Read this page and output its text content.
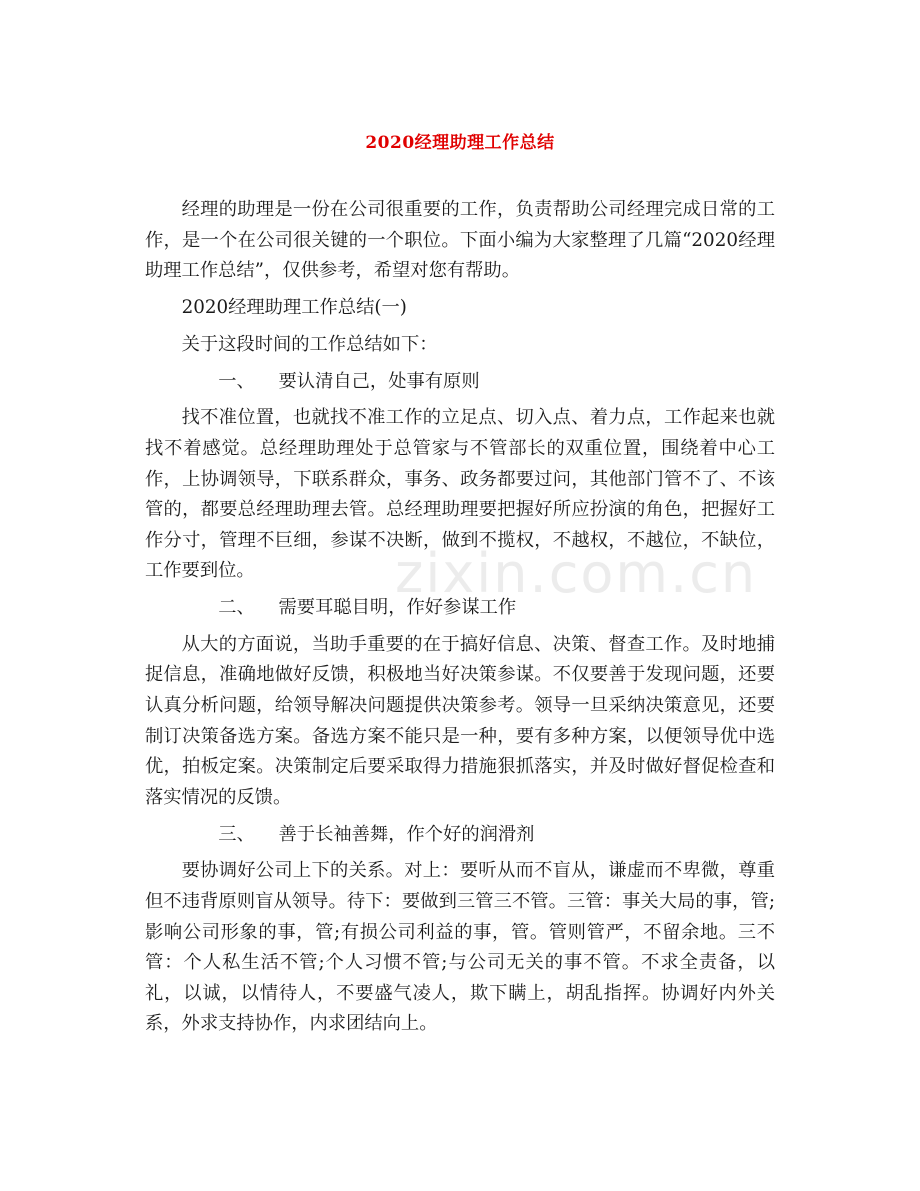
2020经理助理工作总结
zixin.com.cn

经理的助理是一份在公司很重要的工作，负责帮助公司经理完成日常的工作，是一个在公司很关键的一个职位。下面小编为大家整理了几篇“2020经理助理工作总结”，仅供参考，希望对您有帮助。

2020经理助理工作总结(一)

关于这段时间的工作总结如下：

一、 要认清自己，处事有原则

找不准位置，也就找不准工作的立足点、切入点、着力点，工作起来也就找不着感觉。总经理助理处于总管家与不管部长的双重位置，围绕着中心工作，上协调领导，下联系群众，事务、政务都要过问，其他部门管不了、不该管的，都要总经理助理去管。总经理助理要把握好所应扮演的角色，把握好工作分寸，管理不巨细，参谋不决断，做到不揽权，不越权，不越位，不缺位，工作要到位。

二、 需要耳聪目明，作好参谋工作

从大的方面说，当助手重要的在于搞好信息、决策、督查工作。及时地捕捉信息，准确地做好反馈，积极地当好决策参谋。不仅要善于发现问题，还要认真分析问题，给领导解决问题提供决策参考。领导一旦采纳决策意见，还要制订决策备选方案。备选方案不能只是一种，要有多种方案，以便领导优中选优，拍板定案。决策制定后要采取得力措施狠抓落实，并及时做好督促检查和落实情况的反馈。

三、 善于长袖善舞，作个好的润滑剂

要协调好公司上下的关系。对上：要听从而不盲从，谦虚而不卑微，尊重但不违背原则盲从领导。待下：要做到三管三不管。三管：事关大局的事，管;影响公司形象的事，管;有损公司利益的事，管。管则管严，不留余地。三不管：个人私生活不管;个人习惯不管;与公司无关的事不管。不求全责备，以礼，以诚，以情待人，不要盛气凌人，欺下瞒上，胡乱指挥。协调好内外关系，外求支持协作，内求团结向上。
